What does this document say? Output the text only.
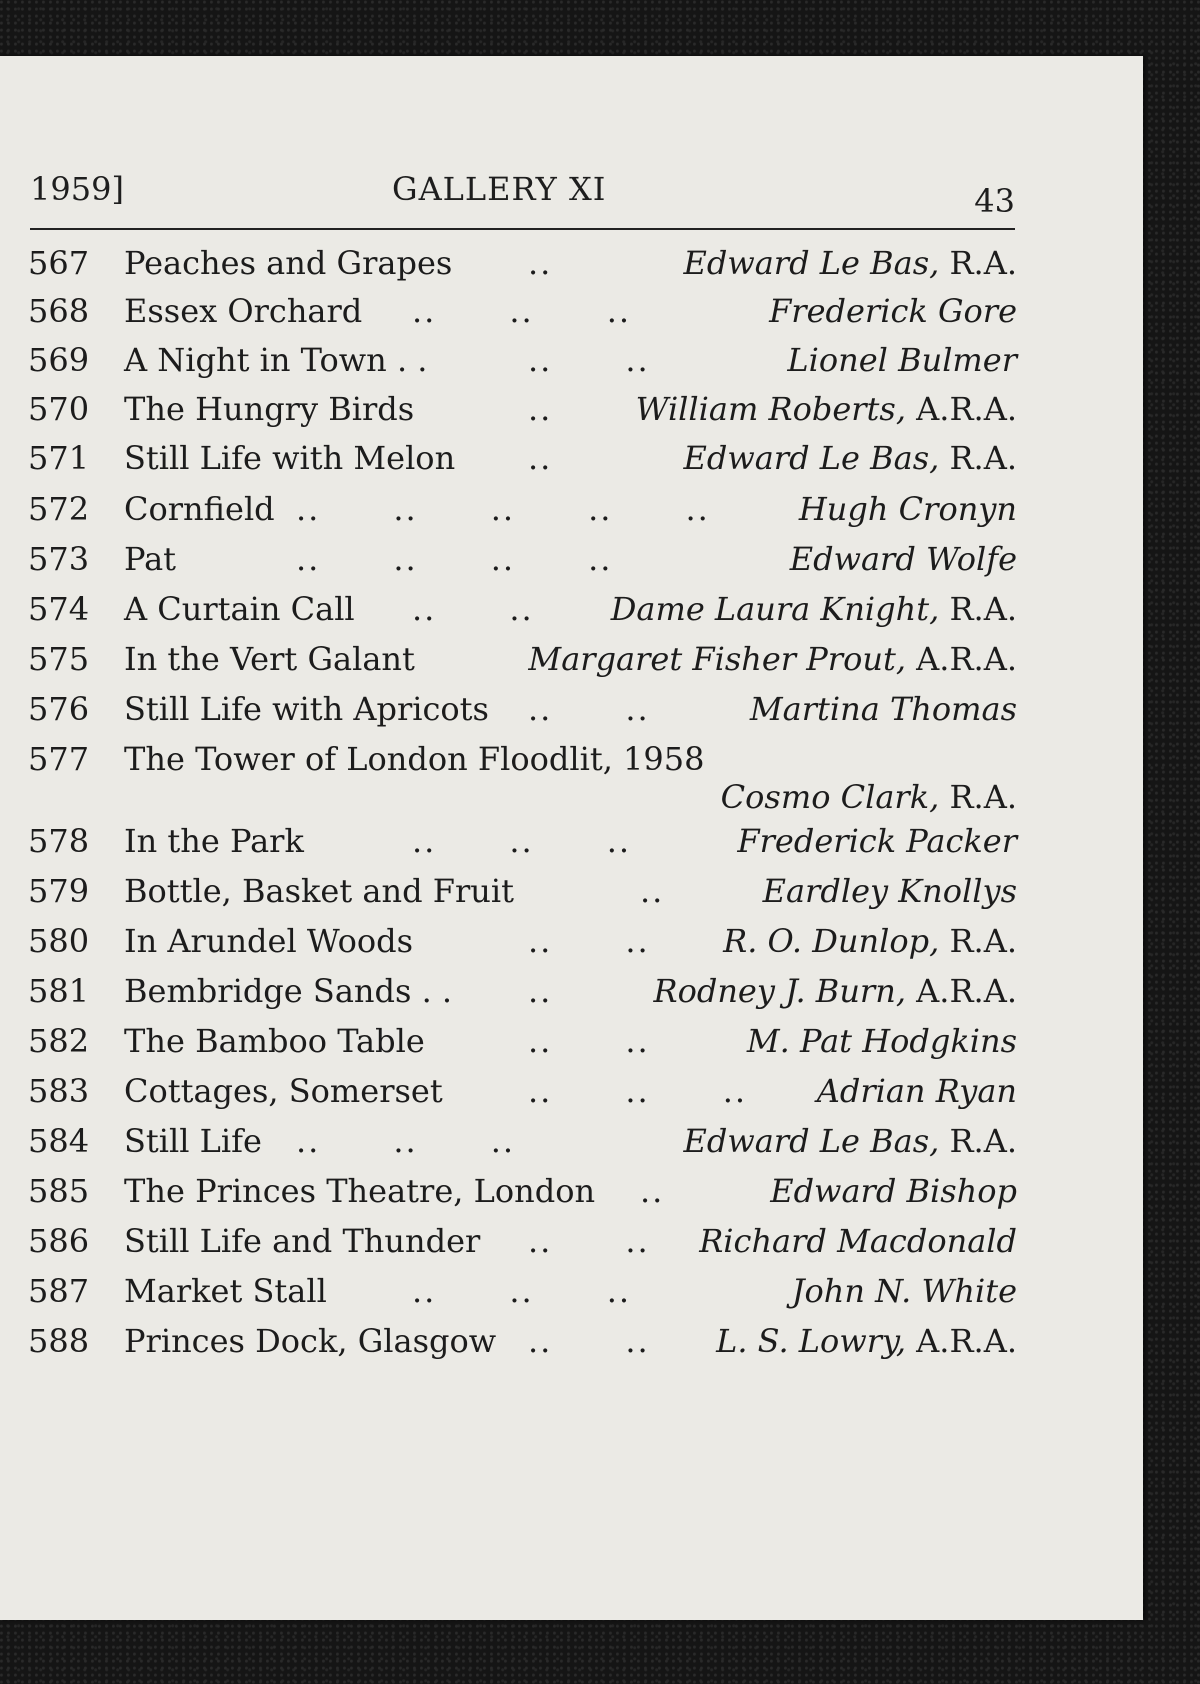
1959]	GALLERY XI	43
567 Peaches and Grapes ..	Edward Le Bas, R.A.
568 Essex Orchard ..      ..      ..	Frederick Gore
569 A Night in Town . .	..      ..	Lionel Bulmer
570 The Hungry Birds	..	William Roberts, A.R.A.
571 Still Life with Melon ..	Edward Le Bas, R.A.
572 Cornfield ..      ..      ..      ..      ..	Hugh Cronyn
573 Pat	..      ..      ..      ..	Edward Wolfe
574 A Curtain Call ..      .. Dame Laura Knight, R.A.
575 In the Vert Galant	Margaret Fisher Prout, A.R.A.
576 Still Life with Apricots ..      ..	Martina Thomas
577 The Tower of London Floodlit, 1958
Cosmo Clark, R.A.
578 In the Park	..      ..      ..	Frederick Packer
579 Bottle, Basket and Fruit	..	Eardley Knollys
580 In Arundel Woods	..      .. R. O. Dunlop, R.A.
581 Bembridge Sands . . ..	Rodney J. Burn, A.R.A.
582 The Bamboo Table	..      ..	M. Pat Hodgkins
583 Cottages, Somerset	..      ..      .. Adrian Ryan
584 Still Life ..      ..      ..	Edward Le Bas, R.A.
585 The Princes Theatre, London ..	Edward Bishop
586 Still Life and Thunder ..      .. Richard Macdonald
587 Market Stall	..      ..      ..	John N. White
588 Princes Dock, Glasgow ..      .. L. S. Lowry, A.R.A.
